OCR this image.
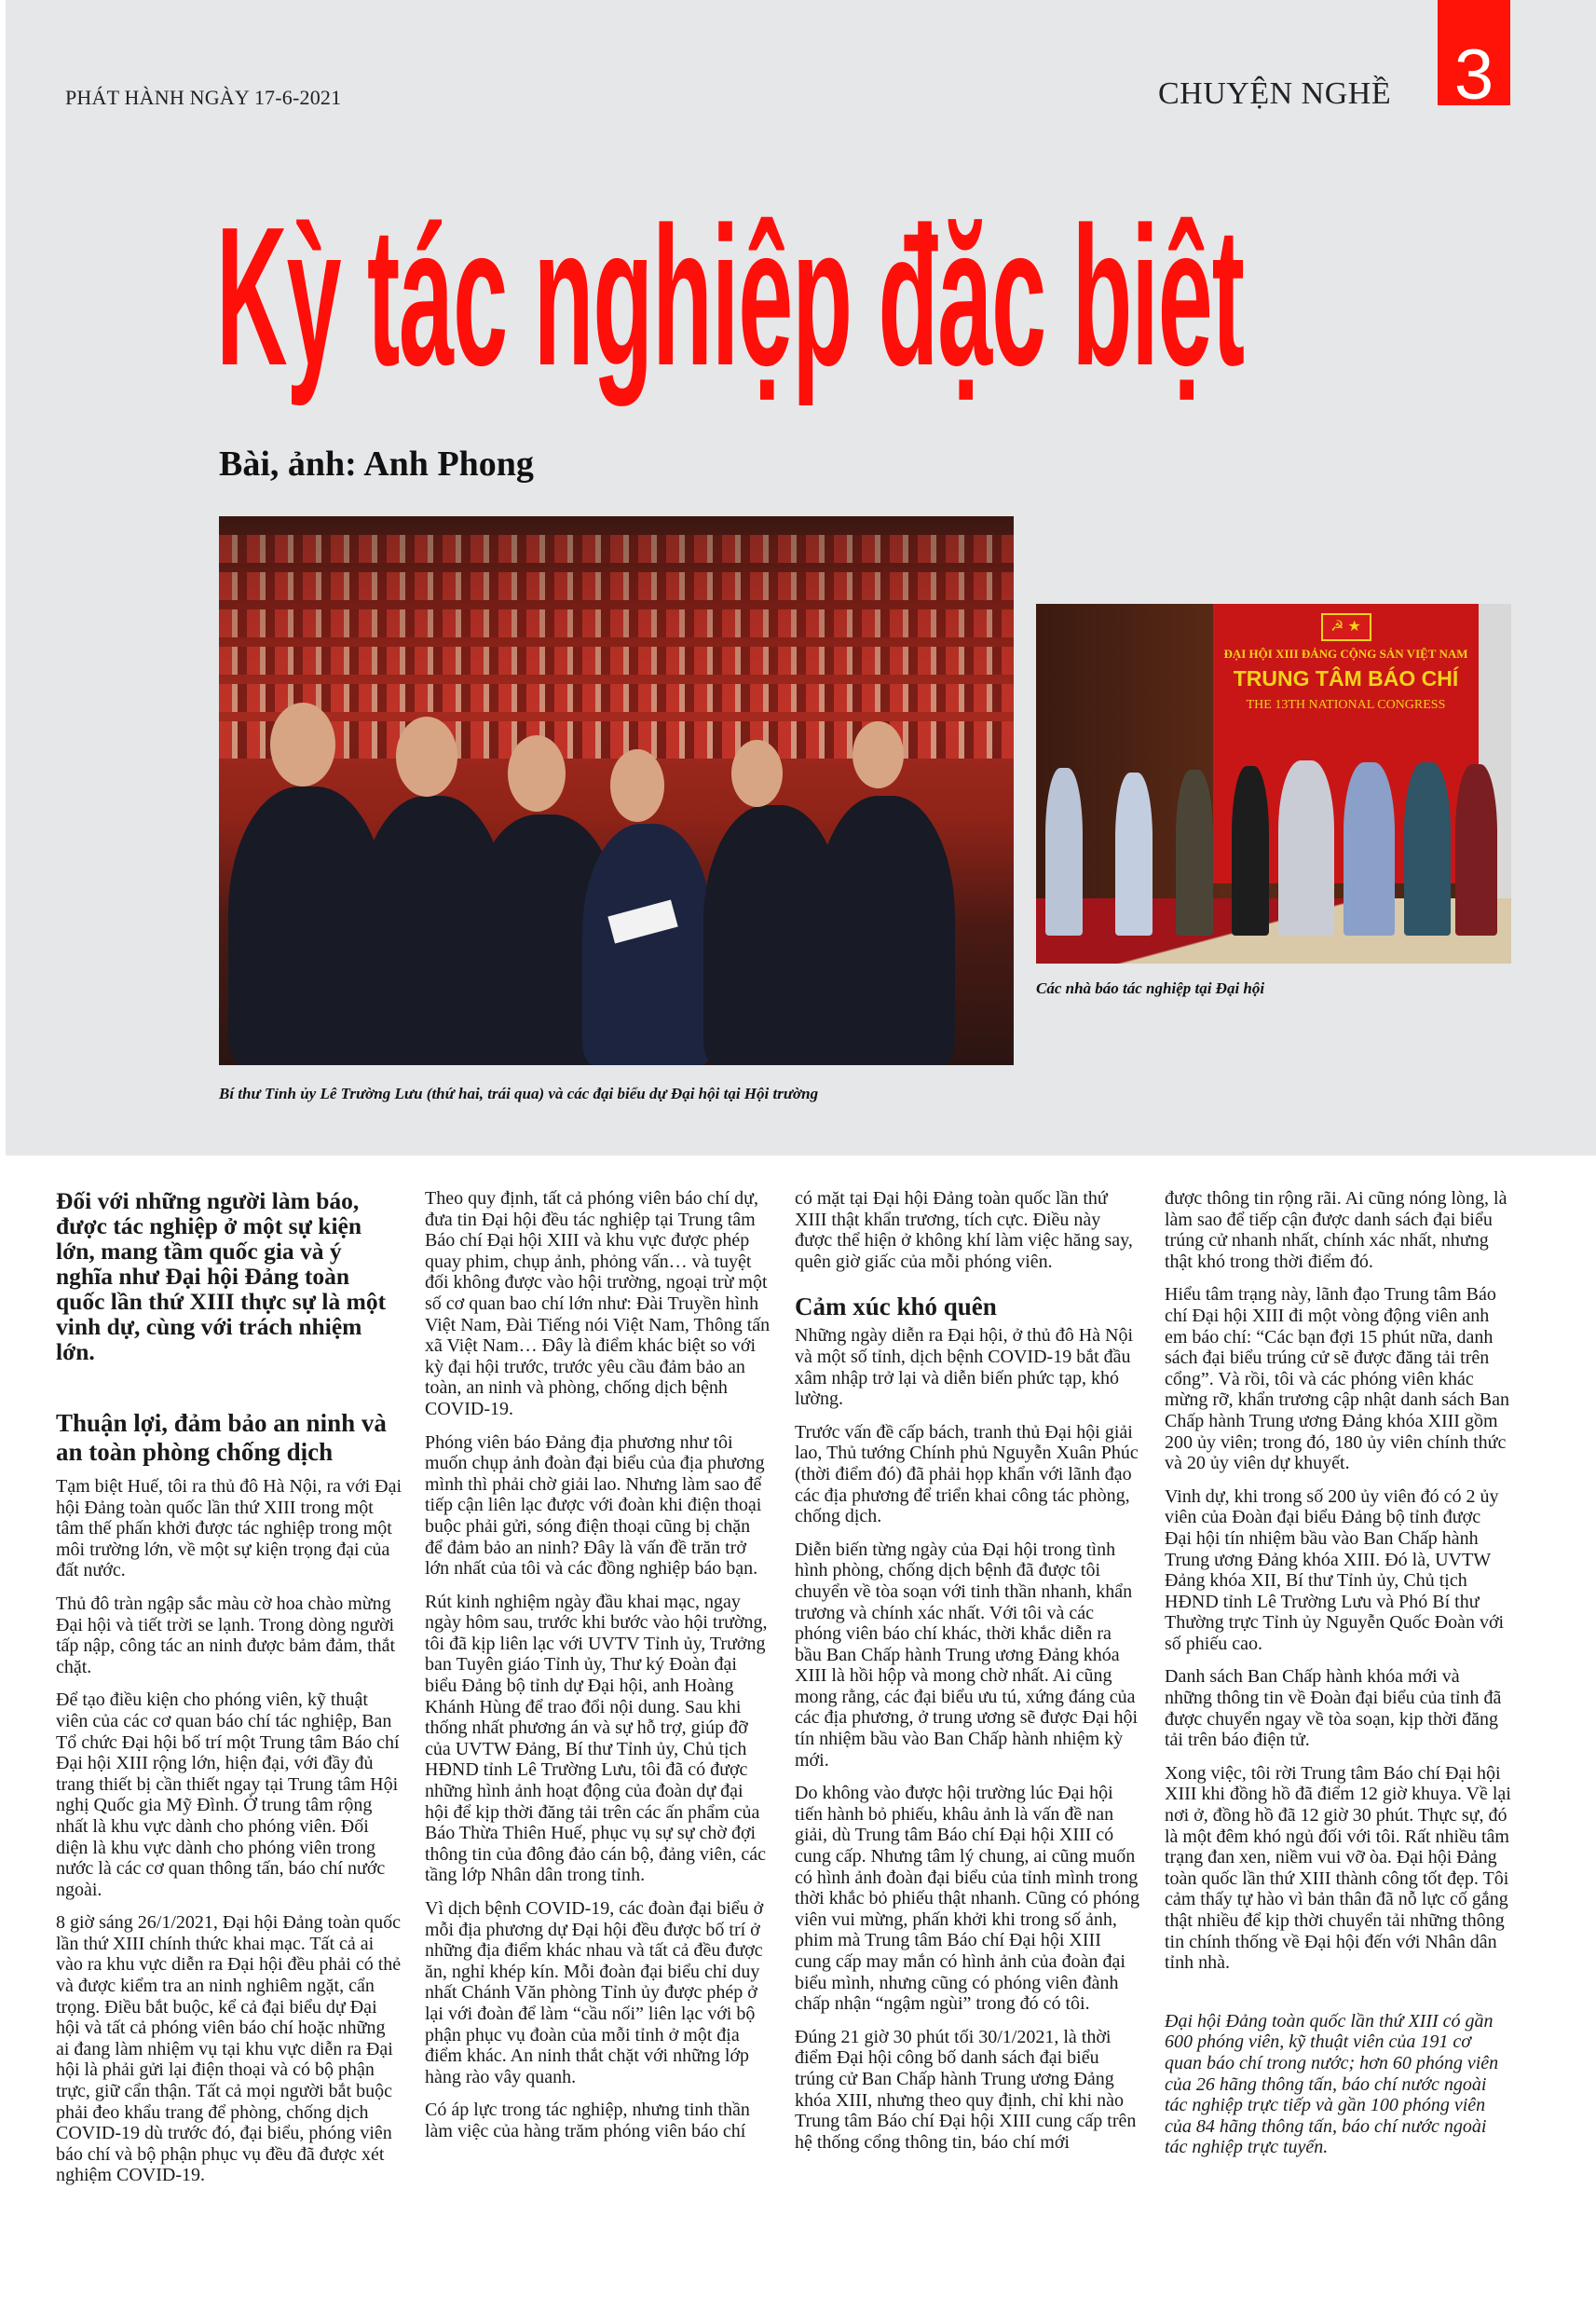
PHÁT HÀNH NGÀY 17-6-2021	CHUYỆN NGHỀ 3
Kỳ tác nghiệp đặc biệt
Bài, ảnh: Anh Phong
Bí thư Tỉnh ủy Lê Trường Lưu (thứ hai, trái qua) và các đại biểu dự Đại hội tại Hội trường
☭ ★
ĐẠI HỘI XIII ĐẢNG CỘNG SẢN VIỆT NAM
TRUNG TÂM BÁO CHÍ
THE 13TH NATIONAL CONGRESS
Các nhà báo tác nghiệp tại Đại hội

Đối với những người làm báo, được tác nghiệp ở một sự kiện lớn, mang tầm quốc gia và ý nghĩa như Đại hội Đảng toàn quốc lần thứ XIII thực sự là một vinh dự, cùng với trách nhiệm lớn.

Thuận lợi, đảm bảo an ninh và an toàn phòng chống dịch

Tạm biệt Huế, tôi ra thủ đô Hà Nội, ra với Đại hội Đảng toàn quốc lần thứ XIII trong một tâm thế phấn khởi được tác nghiệp trong một môi trường lớn, về một sự kiện trọng đại của đất nước.

Thủ đô tràn ngập sắc màu cờ hoa chào mừng Đại hội và tiết trời se lạnh. Trong dòng người tấp nập, công tác an ninh được bảm đảm, thắt chặt.

Để tạo điều kiện cho phóng viên, kỹ thuật viên của các cơ quan báo chí tác nghiệp, Ban Tổ chức Đại hội bố trí một Trung tâm Báo chí Đại hội XIII rộng lớn, hiện đại, với đầy đủ trang thiết bị cần thiết ngay tại Trung tâm Hội nghị Quốc gia Mỹ Đình. Ở trung tâm rộng nhất là khu vực dành cho phóng viên. Đối diện là khu vực dành cho phóng viên trong nước là các cơ quan thông tấn, báo chí nước ngoài.

8 giờ sáng 26/1/2021, Đại hội Đảng toàn quốc lần thứ XIII chính thức khai mạc. Tất cả ai vào ra khu vực diễn ra Đại hội đều phải có thẻ và được kiểm tra an ninh nghiêm ngặt, cẩn trọng. Điều bắt buộc, kể cả đại biểu dự Đại hội và tất cả phóng viên báo chí hoặc những ai đang làm nhiệm vụ tại khu vực diễn ra Đại hội là phải gửi lại điện thoại và có bộ phận trực, giữ cẩn thận. Tất cả mọi người bắt buộc phải đeo khẩu trang để phòng, chống dịch COVID-19 dù trước đó, đại biểu, phóng viên báo chí và bộ phận phục vụ đều đã được xét nghiệm COVID-19.

Theo quy định, tất cả phóng viên báo chí dự, đưa tin Đại hội đều tác nghiệp tại Trung tâm Báo chí Đại hội XIII và khu vực được phép quay phim, chụp ảnh, phỏng vấn… và tuyệt đối không được vào hội trường, ngoại trừ một số cơ quan bao chí lớn như: Đài Truyền hình Việt Nam, Đài Tiếng nói Việt Nam, Thông tấn xã Việt Nam… Đây là điểm khác biệt so với kỳ đại hội trước, trước yêu cầu đảm bảo an toàn, an ninh và phòng, chống dịch bệnh COVID-19.

Phóng viên báo Đảng địa phương như tôi muốn chụp ảnh đoàn đại biểu của địa phương mình thì phải chờ giải lao. Nhưng làm sao để tiếp cận liên lạc được với đoàn khi điện thoại buộc phải gửi, sóng điện thoại cũng bị chặn để đảm bảo an ninh? Đây là vấn đề trăn trở lớn nhất của tôi và các đồng nghiệp báo bạn.

Rút kinh nghiệm ngày đầu khai mạc, ngay ngày hôm sau, trước khi bước vào hội trường, tôi đã kịp liên lạc với UVTV Tỉnh ủy, Trưởng ban Tuyên giáo Tỉnh ủy, Thư ký Đoàn đại biểu Đảng bộ tỉnh dự Đại hội, anh Hoàng Khánh Hùng để trao đổi nội dung. Sau khi thống nhất phương án và sự hỗ trợ, giúp đỡ của UVTW Đảng, Bí thư Tỉnh ủy, Chủ tịch HĐND tỉnh Lê Trường Lưu, tôi đã có được những hình ảnh hoạt động của đoàn dự đại hội để kịp thời đăng tải trên các ấn phẩm của Báo Thừa Thiên Huế, phục vụ sự sự chờ đợi thông tin của đông đảo cán bộ, đảng viên, các tầng lớp Nhân dân trong tỉnh.

Vì dịch bệnh COVID-19, các đoàn đại biểu ở mỗi địa phương dự Đại hội đều được bố trí ở những địa điểm khác nhau và tất cả đều được ăn, nghỉ khép kín. Mỗi đoàn đại biểu chỉ duy nhất Chánh Văn phòng Tỉnh ủy được phép ở lại với đoàn để làm “cầu nối” liên lạc với bộ phận phục vụ đoàn của mỗi tỉnh ở một địa điểm khác. An ninh thắt chặt với những lớp hàng rào vây quanh.

Có áp lực trong tác nghiệp, nhưng tinh thần làm việc của hàng trăm phóng viên báo chí

có mặt tại Đại hội Đảng toàn quốc lần thứ XIII thật khẩn trương, tích cực. Điều này được thể hiện ở không khí làm việc hăng say, quên giờ giấc của mỗi phóng viên.

Cảm xúc khó quên

Những ngày diễn ra Đại hội, ở thủ đô Hà Nội và một số tỉnh, dịch bệnh COVID-19 bắt đầu xâm nhập trở lại và diễn biến phức tạp, khó lường.

Trước vấn đề cấp bách, tranh thủ Đại hội giải lao, Thủ tướng Chính phủ Nguyễn Xuân Phúc (thời điểm đó) đã phải họp khẩn với lãnh đạo các địa phương để triển khai công tác phòng, chống dịch.

Diễn biến từng ngày của Đại hội trong tình hình phòng, chống dịch bệnh đã được tôi chuyển về tòa soạn với tinh thần nhanh, khẩn trương và chính xác nhất. Với tôi và các phóng viên báo chí khác, thời khắc diễn ra bầu Ban Chấp hành Trung ương Đảng khóa XIII là hồi hộp và mong chờ nhất. Ai cũng mong rằng, các đại biểu ưu tú, xứng đáng của các địa phương, ở trung ương sẽ được Đại hội tín nhiệm bầu vào Ban Chấp hành nhiệm kỳ mới.

Do không vào được hội trường lúc Đại hội tiến hành bỏ phiếu, khâu ảnh là vấn đề nan giải, dù Trung tâm Báo chí Đại hội XIII có cung cấp. Nhưng tâm lý chung, ai cũng muốn có hình ảnh đoàn đại biểu của tỉnh mình trong thời khắc bỏ phiếu thật nhanh. Cũng có phóng viên vui mừng, phấn khởi khi trong số ảnh, phim mà Trung tâm Báo chí Đại hội XIII cung cấp may mắn có hình ảnh của đoàn đại biểu mình, nhưng cũng có phóng viên đành chấp nhận “ngậm ngùi” trong đó có tôi.

Đúng 21 giờ 30 phút tối 30/1/2021, là thời điểm Đại hội công bố danh sách đại biểu trúng cử Ban Chấp hành Trung ương Đảng khóa XIII, nhưng theo quy định, chỉ khi nào Trung tâm Báo chí Đại hội XIII cung cấp trên hệ thống cổng thông tin, báo chí mới

được thông tin rộng rãi. Ai cũng nóng lòng, là làm sao để tiếp cận được danh sách đại biểu trúng cử nhanh nhất, chính xác nhất, nhưng thật khó trong thời điểm đó.

Hiểu tâm trạng này, lãnh đạo Trung tâm Báo chí Đại hội XIII đi một vòng động viên anh em báo chí: “Các bạn đợi 15 phút nữa, danh sách đại biểu trúng cử sẽ được đăng tải trên cổng”. Và rồi, tôi và các phóng viên khác mừng rỡ, khẩn trương cập nhật danh sách Ban Chấp hành Trung ương Đảng khóa XIII gồm 200 ủy viên; trong đó, 180 ủy viên chính thức và 20 ủy viên dự khuyết.

Vinh dự, khi trong số 200 ủy viên đó có 2 ủy viên của Đoàn đại biểu Đảng bộ tỉnh được Đại hội tín nhiệm bầu vào Ban Chấp hành Trung ương Đảng khóa XIII. Đó là, UVTW Đảng khóa XII, Bí thư Tỉnh ủy, Chủ tịch HĐND tỉnh Lê Trường Lưu và Phó Bí thư Thường trực Tỉnh ủy Nguyễn Quốc Đoàn với số phiếu cao.

Danh sách Ban Chấp hành khóa mới và những thông tin về Đoàn đại biểu của tỉnh đã được chuyển ngay về tòa soạn, kịp thời đăng tải trên báo điện tử.

Xong việc, tôi rời Trung tâm Báo chí Đại hội XIII khi đồng hồ đã điểm 12 giờ khuya. Về lại nơi ở, đồng hồ đã 12 giờ 30 phút. Thực sự, đó là một đêm khó ngủ đối với tôi. Rất nhiều tâm trạng đan xen, niềm vui vỡ òa. Đại hội Đảng toàn quốc lần thứ XIII thành công tốt đẹp. Tôi cảm thấy tự hào vì bản thân đã nỗ lực cố gắng thật nhiều để kịp thời chuyển tải những thông tin chính thống về Đại hội đến với Nhân dân tỉnh nhà.

Đại hội Đảng toàn quốc lần thứ XIII có gần 600 phóng viên, kỹ thuật viên của 191 cơ quan báo chí trong nước; hơn 60 phóng viên của 26 hãng thông tấn, báo chí nước ngoài tác nghiệp trực tiếp và gần 100 phóng viên của 84 hãng thông tấn, báo chí nước ngoài tác nghiệp trực tuyến.
